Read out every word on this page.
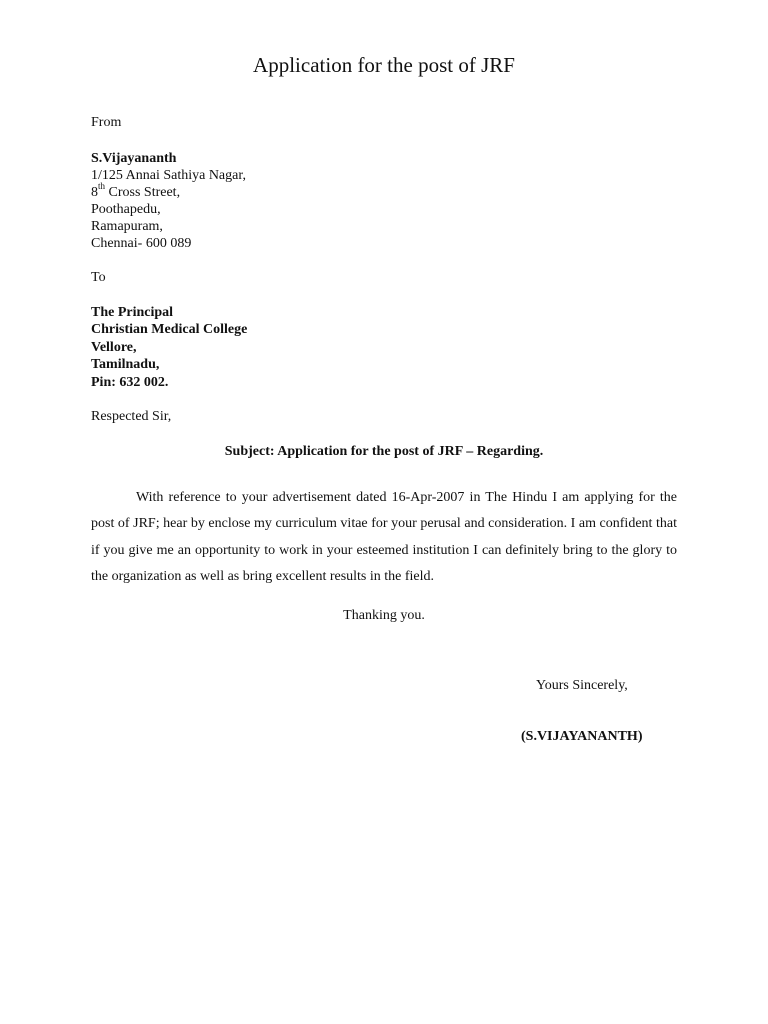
Application for the post of JRF
From
S.Vijayananth
1/125 Annai Sathiya Nagar,
8th Cross Street,
Poothapedu,
Ramapuram,
Chennai- 600 089
To
The Principal
Christian Medical College
Vellore,
Tamilnadu,
Pin: 632 002.
Respected Sir,
Subject: Application for the post of JRF – Regarding.

With reference to your advertisement dated 16-Apr-2007 in The Hindu I am applying for the post of JRF; hear by enclose my curriculum vitae for your perusal and consideration. I am confident that if you give me an opportunity to work in your esteemed institution I can definitely bring to the glory to the organization as well as bring excellent results in the field.

Thanking you.
Yours Sincerely,
(S.VIJAYANANTH)
